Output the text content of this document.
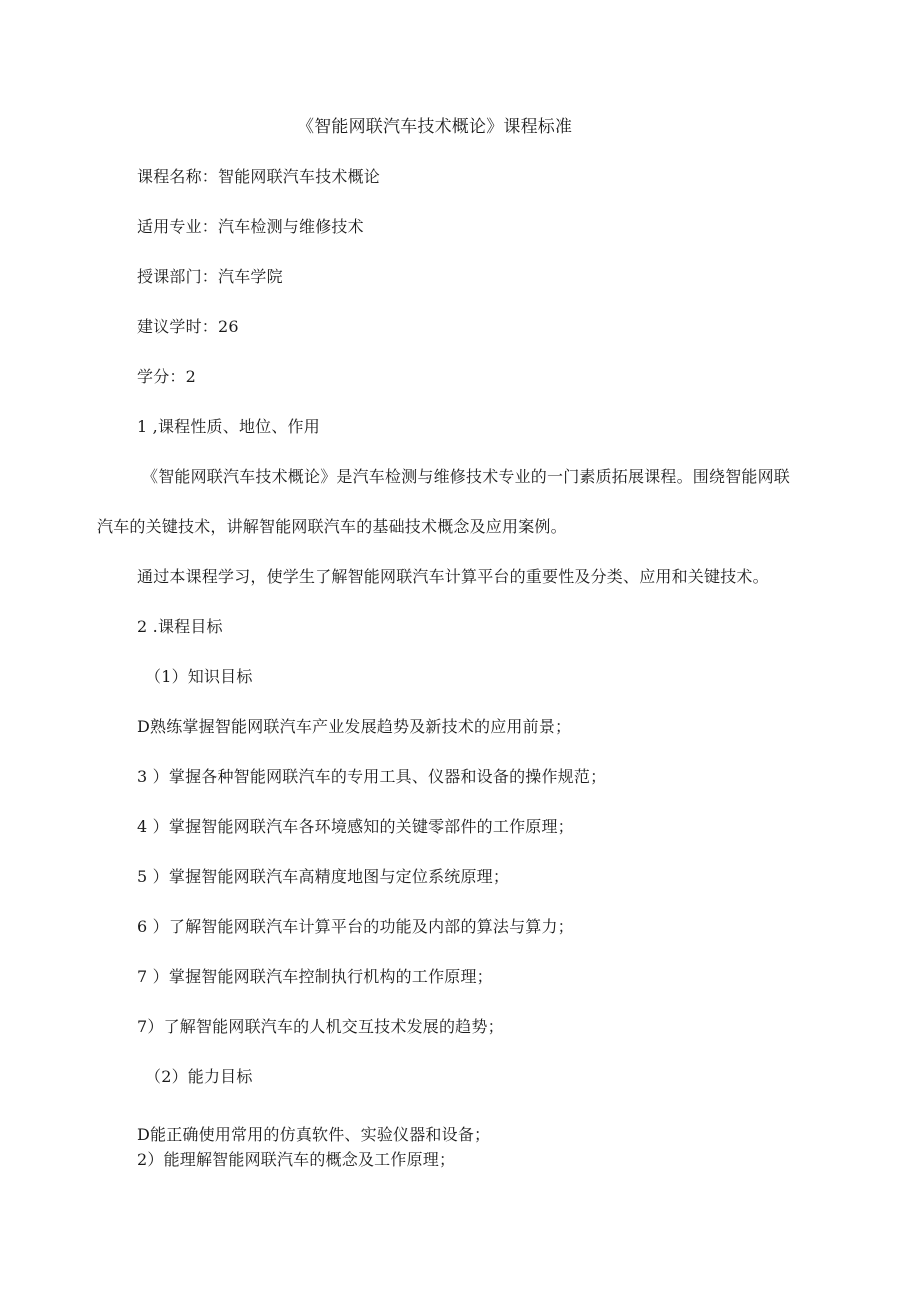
《智能网联汽车技术概论》课程标准
课程名称：智能网联汽车技术概论
适用专业：汽车检测与维修技术
授课部门：汽车学院
建议学时：26
学分：2
1 ,课程性质、地位、作用
《智能网联汽车技术概论》是汽车检测与维修技术专业的一门素质拓展课程。围绕智能网联
汽车的关键技术，讲解智能网联汽车的基础技术概念及应用案例。
通过本课程学习，使学生了解智能网联汽车计算平台的重要性及分类、应用和关键技术。
2 .课程目标
（1）知识目标
D熟练掌握智能网联汽车产业发展趋势及新技术的应用前景；
3 ）掌握各种智能网联汽车的专用工具、仪器和设备的操作规范；
4 ）掌握智能网联汽车各环境感知的关键零部件的工作原理；
5 ）掌握智能网联汽车高精度地图与定位系统原理；
6 ）了解智能网联汽车计算平台的功能及内部的算法与算力；
7 ）掌握智能网联汽车控制执行机构的工作原理；
7）了解智能网联汽车的人机交互技术发展的趋势；
（2）能力目标
D能正确使用常用的仿真软件、实验仪器和设备；
2）能理解智能网联汽车的概念及工作原理；
